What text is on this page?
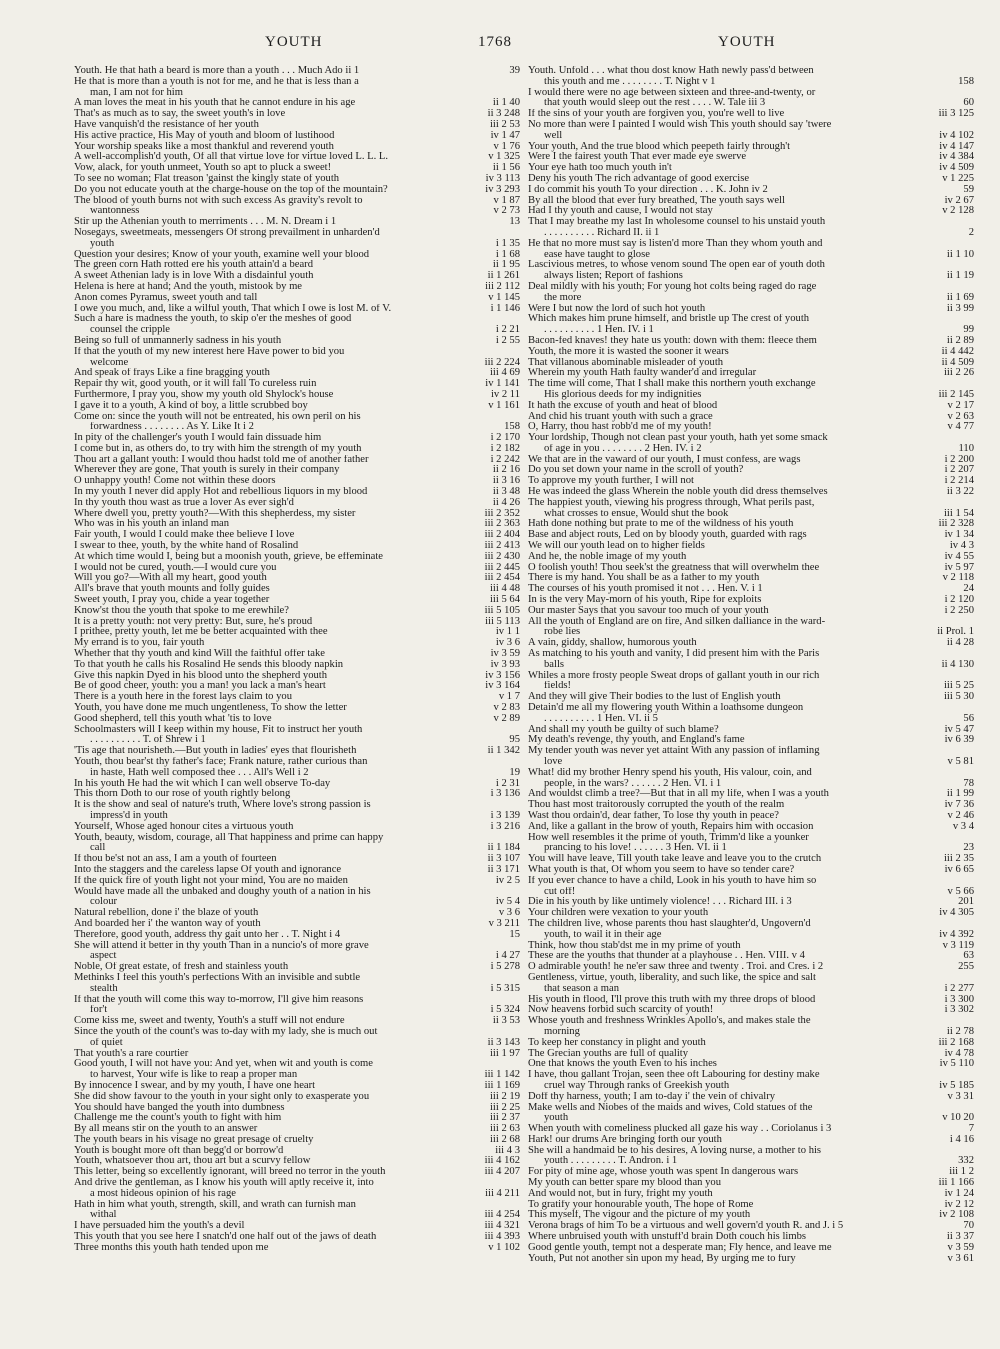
YOUTH	1768	YOUTH
Youth. He that hath a beard is more than a youth . . . Much Ado ii 1	39
He that is more than a youth is not for me, and he that is less than a
man, I am not for him
A man loves the meat in his youth that he cannot endure in his age	ii 1 40
That's as much as to say, the sweet youth's in love	ii 3 248
Have vanquish'd the resistance of her youth	iii 2 53
His active practice, His May of youth and bloom of lustihood	iv 1 47
Your worship speaks like a most thankful and reverend youth	v 1 76
A well-accomplish'd youth, Of all that virtue love for virtue loved L. L. L.	v 1 325
Vow, alack, for youth unmeet, Youth so apt to pluck a sweet!	ii 1 56
To see no woman; Flat treason 'gainst the kingly state of youth	iv 3 113
Do you not educate youth at the charge-house on the top of the mountain?	iv 3 293
The blood of youth burns not with such excess As gravity's revolt to	v 1 87
wantonness	v 2 73
Stir up the Athenian youth to merriments . . . M. N. Dream i 1	13
Nosegays, sweetmeats, messengers Of strong prevailment in unharden'd
youth	i 1 35
Question your desires; Know of your youth, examine well your blood	i 1 68
The green corn Hath rotted ere his youth attain'd a beard	ii 1 95
A sweet Athenian lady is in love With a disdainful youth	ii 1 261
Helena is here at hand; And the youth, mistook by me	iii 2 112
Anon comes Pyramus, sweet youth and tall	v 1 145
I owe you much, and, like a wilful youth, That which I owe is lost M. of V.	i 1 146
Such a hare is madness the youth, to skip o'er the meshes of good
counsel the cripple	i 2 21
Being so full of unmannerly sadness in his youth	i 2 55
If that the youth of my new interest here Have power to bid you
welcome	iii 2 224
And speak of frays Like a fine bragging youth	iii 4 69
Repair thy wit, good youth, or it will fall To cureless ruin	iv 1 141
Furthermore, I pray you, show my youth old Shylock's house	iv 2 11
I gave it to a youth, A kind of boy, a little scrubbed boy	v 1 161
Come on: since the youth will not be entreated, his own peril on his
forwardness . . . . . . . . As Y. Like It i 2	158
In pity of the challenger's youth I would fain dissuade him	i 2 170
I come but in, as others do, to try with him the strength of my youth	i 2 182
Thou art a gallant youth: I would thou hadst told me of another father	i 2 242
Wherever they are gone, That youth is surely in their company	ii 2 16
O unhappy youth! Come not within these doors	ii 3 16
In my youth I never did apply Hot and rebellious liquors in my blood	ii 3 48
In thy youth thou wast as true a lover As ever sigh'd	ii 4 26
Where dwell you, pretty youth?—With this shepherdess, my sister	iii 2 352
Who was in his youth an inland man	iii 2 363
Fair youth, I would I could make thee believe I love	iii 2 404
I swear to thee, youth, by the white hand of Rosalind	iii 2 413
At which time would I, being but a moonish youth, grieve, be effeminate	iii 2 430
I would not be cured, youth.—I would cure you	iii 2 445
Will you go?—With all my heart, good youth	iii 2 454
All's brave that youth mounts and folly guides	iii 4 48
Sweet youth, I pray you, chide a year together	iii 5 64
Know'st thou the youth that spoke to me erewhile?	iii 5 105
It is a pretty youth: not very pretty: But, sure, he's proud	iii 5 113
I prithee, pretty youth, let me be better acquainted with thee	iv 1 1
My errand is to you, fair youth	iv 3 6
Whether that thy youth and kind Will the faithful offer take	iv 3 59
To that youth he calls his Rosalind He sends this bloody napkin	iv 3 93
Give this napkin Dyed in his blood unto the shepherd youth	iv 3 156
Be of good cheer, youth: you a man! you lack a man's heart	iv 3 164
There is a youth here in the forest lays claim to you	v 1 7
Youth, you have done me much ungentleness, To show the letter	v 2 83
Good shepherd, tell this youth what 'tis to love	v 2 89
Schoolmasters will I keep within my house, Fit to instruct her youth
. . . . . . . . . . T. of Shrew i 1	95
'Tis age that nourisheth.—But youth in ladies' eyes that flourisheth	ii 1 342
Youth, thou bear'st thy father's face; Frank nature, rather curious than
in haste, Hath well composed thee . . . All's Well i 2	19
In his youth He had the wit which I can well observe To-day	i 2 31
This thorn Doth to our rose of youth rightly belong	i 3 136
It is the show and seal of nature's truth, Where love's strong passion is
impress'd in youth	i 3 139
Yourself, Whose aged honour cites a virtuous youth	i 3 216
Youth, beauty, wisdom, courage, all That happiness and prime can happy
call	ii 1 184
If thou be'st not an ass, I am a youth of fourteen	ii 3 107
Into the staggers and the careless lapse Of youth and ignorance	ii 3 171
If the quick fire of youth light not your mind, You are no maiden	iv 2 5
Would have made all the unbaked and doughy youth of a nation in his
colour	iv 5 4
Natural rebellion, done i' the blaze of youth	v 3 6
And boarded her i' the wanton way of youth	v 3 211
Therefore, good youth, address thy gait unto her . . T. Night i 4	15
She will attend it better in thy youth Than in a nuncio's of more grave
aspect	i 4 27
Noble, Of great estate, of fresh and stainless youth	i 5 278
Methinks I feel this youth's perfections With an invisible and subtle
stealth	i 5 315
If that the youth will come this way to-morrow, I'll give him reasons
for't	i 5 324
Come kiss me, sweet and twenty, Youth's a stuff will not endure	ii 3 53
Since the youth of the count's was to-day with my lady, she is much out
of quiet	ii 3 143
That youth's a rare courtier	iii 1 97
Good youth, I will not have you: And yet, when wit and youth is come
to harvest, Your wife is like to reap a proper man	iii 1 142
By innocence I swear, and by my youth, I have one heart	iii 1 169
She did show favour to the youth in your sight only to exasperate you	iii 2 19
You should have banged the youth into dumbness	iii 2 25
Challenge me the count's youth to fight with him	iii 2 37
By all means stir on the youth to an answer	iii 2 63
The youth bears in his visage no great presage of cruelty	iii 2 68
Youth is bought more oft than begg'd or borrow'd	iii 4 3
Youth, whatsoever thou art, thou art but a scurvy fellow	iii 4 162
This letter, being so excellently ignorant, will breed no terror in the youth	iii 4 207
And drive the gentleman, as I know his youth will aptly receive it, into
a most hideous opinion of his rage	iii 4 211
Hath in him what youth, strength, skill, and wrath can furnish man
withal	iii 4 254
I have persuaded him the youth's a devil	iii 4 321
This youth that you see here I snatch'd one half out of the jaws of death	iii 4 393
Three months this youth hath tended upon me	v 1 102
Youth. Unfold . . . what thou dost know Hath newly pass'd between
this youth and me . . . . . . . . T. Night v 1	158
I would there were no age between sixteen and three-and-twenty, or
that youth would sleep out the rest . . . . W. Tale iii 3	60
If the sins of your youth are forgiven you, you're well to live	iii 3 125
No more than were I painted I would wish This youth should say 'twere
well	iv 4 102
Your youth, And the true blood which peepeth fairly through't	iv 4 147
Were I the fairest youth That ever made eye swerve	iv 4 384
Your eye hath too much youth in't	iv 4 509
Deny his youth The rich advantage of good exercise	v 1 225
I do commit his youth To your direction . . . K. John iv 2	59
By all the blood that ever fury breathed, The youth says well	iv 2 67
Had I thy youth and cause, I would not stay	v 2 128
That I may breathe my last In wholesome counsel to his unstaid youth
. . . . . . . . . . Richard II. ii 1	2
He that no more must say is listen'd more Than they whom youth and
ease have taught to glose	ii 1 10
Lascivious metres, to whose venom sound The open ear of youth doth
always listen; Report of fashions	ii 1 19
Deal mildly with his youth; For young hot colts being raged do rage
the more	ii 1 69
Were I but now the lord of such hot youth	ii 3 99
Which makes him prune himself, and bristle up The crest of youth
. . . . . . . . . . 1 Hen. IV. i 1	99
Bacon-fed knaves! they hate us youth: down with them: fleece them	ii 2 89
Youth, the more it is wasted the sooner it wears	ii 4 442
That villanous abominable misleader of youth	ii 4 509
Wherein my youth Hath faulty wander'd and irregular	iii 2 26
The time will come, That I shall make this northern youth exchange
His glorious deeds for my indignities	iii 2 145
It hath the excuse of youth and heat of blood	v 2 17
And chid his truant youth with such a grace	v 2 63
O, Harry, thou hast robb'd me of my youth!	v 4 77
Your lordship, Though not clean past your youth, hath yet some smack
of age in you . . . . . . . . 2 Hen. IV. i 2	110
We that are in the vaward of our youth, I must confess, are wags	i 2 200
Do you set down your name in the scroll of youth?	i 2 207
To approve my youth further, I will not	i 2 214
He was indeed the glass Wherein the noble youth did dress themselves	ii 3 22
The happiest youth, viewing his progress through, What perils past,
what crosses to ensue, Would shut the book	iii 1 54
Hath done nothing but prate to me of the wildness of his youth	iii 2 328
Base and abject routs, Led on by bloody youth, guarded with rags	iv 1 34
We will our youth lead on to higher fields	iv 4 3
And he, the noble image of my youth	iv 4 55
O foolish youth! Thou seek'st the greatness that will overwhelm thee	iv 5 97
There is my hand. You shall be as a father to my youth	v 2 118
The courses of his youth promised it not . . . Hen. V. i 1	24
In is the very May-morn of his youth, Ripe for exploits	i 2 120
Our master Says that you savour too much of your youth	i 2 250
All the youth of England are on fire, And silken dalliance in the ward-
robe lies	ii Prol. 1
A vain, giddy, shallow, humorous youth	ii 4 28
As matching to his youth and vanity, I did present him with the Paris
balls	ii 4 130
Whiles a more frosty people Sweat drops of gallant youth in our rich
fields!	iii 5 25
And they will give Their bodies to the lust of English youth	iii 5 30
Detain'd me all my flowering youth Within a loathsome dungeon
. . . . . . . . . . 1 Hen. VI. ii 5	56
And shall my youth be guilty of such blame?	iv 5 47
My death's revenge, thy youth, and England's fame	iv 6 39
My tender youth was never yet attaint With any passion of inflaming
love	v 5 81
What! did my brother Henry spend his youth, His valour, coin, and
people, in the wars? . . . . . . 2 Hen. VI. i 1	78
And wouldst climb a tree?—But that in all my life, when I was a youth	ii 1 99
Thou hast most traitorously corrupted the youth of the realm	iv 7 36
Wast thou ordain'd, dear father, To lose thy youth in peace?	v 2 46
And, like a gallant in the brow of youth, Repairs him with occasion	v 3 4
How well resembles it the prime of youth, Trimm'd like a younker
prancing to his love! . . . . . . 3 Hen. VI. ii 1	23
You will have leave, Till youth take leave and leave you to the crutch	iii 2 35
What youth is that, Of whom you seem to have so tender care?	iv 6 65
If you ever chance to have a child, Look in his youth to have him so
cut off!	v 5 66
Die in his youth by like untimely violence! . . . Richard III. i 3	201
Your children were vexation to your youth	iv 4 305
The children live, whose parents thou hast slaughter'd, Ungovern'd
youth, to wail it in their age	iv 4 392
Think, how thou stab'dst me in my prime of youth	v 3 119
These are the youths that thunder at a playhouse . . Hen. VIII. v 4	63
O admirable youth! he ne'er saw three and twenty . Troi. and Cres. i 2	255
Gentleness, virtue, youth, liberality, and such like, the spice and salt
that season a man	i 2 277
His youth in flood, I'll prove this truth with my three drops of blood	i 3 300
Now heavens forbid such scarcity of youth!	i 3 302
Whose youth and freshness Wrinkles Apollo's, and makes stale the
morning	ii 2 78
To keep her constancy in plight and youth	iii 2 168
The Grecian youths are full of quality	iv 4 78
One that knows the youth Even to his inches	iv 5 110
I have, thou gallant Trojan, seen thee oft Labouring for destiny make
cruel way Through ranks of Greekish youth	iv 5 185
Doff thy harness, youth; I am to-day i' the vein of chivalry	v 3 31
Make wells and Niobes of the maids and wives, Cold statues of the
youth	v 10 20
When youth with comeliness plucked all gaze his way . . Coriolanus i 3	7
Hark! our drums Are bringing forth our youth	i 4 16
She will a handmaid be to his desires, A loving nurse, a mother to his
youth . . . . . . . . . T. Andron. i 1	332
For pity of mine age, whose youth was spent In dangerous wars	iii 1 2
My youth can better spare my blood than you	iii 1 166
And would not, but in fury, fright my youth	iv 1 24
To gratify your honourable youth, The hope of Rome	iv 2 12
This myself, The vigour and the picture of my youth	iv 2 108
Verona brags of him To be a virtuous and well govern'd youth R. and J. i 5	70
Where unbruised youth with unstuff'd brain Doth couch his limbs	ii 3 37
Good gentle youth, tempt not a desperate man; Fly hence, and leave me	v 3 59
Youth, Put not another sin upon my head, By urging me to fury	v 3 61
